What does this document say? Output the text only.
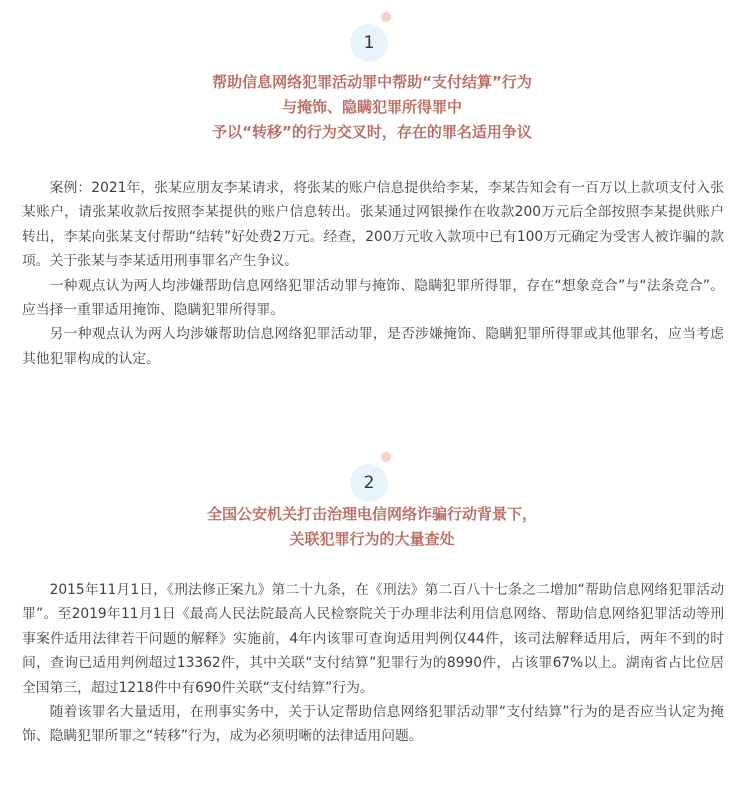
1
帮助信息网络犯罪活动罪中帮助“支付结算”行为
与掩饰、隐瞒犯罪所得罪中
予以“转移”的行为交叉时，存在的罪名适用争议

案例：2021年，张某应朋友李某请求，将张某的账户信息提供给李某，李某告知会有一百万以上款项支付入张某账户，请张某收款后按照李某提供的账户信息转出。张某通过网银操作在收款200万元后全部按照李某提供账户转出，李某向张某支付帮助“结转”好处费2万元。经查，200万元收入款项中已有100万元确定为受害人被诈骗的款项。关于张某与李某适用刑事罪名产生争议。

一种观点认为两人均涉嫌帮助信息网络犯罪活动罪与掩饰、隐瞒犯罪所得罪，存在“想象竞合”与“法条竞合”。应当择一重罪适用掩饰、隐瞒犯罪所得罪。

另一种观点认为两人均涉嫌帮助信息网络犯罪活动罪，是否涉嫌掩饰、隐瞒犯罪所得罪或其他罪名，应当考虑其他犯罪构成的认定。

2
全国公安机关打击治理电信网络诈骗行动背景下，
关联犯罪行为的大量查处

2015年11月1日，《刑法修正案九》第二十九条，在《刑法》第二百八十七条之二增加“帮助信息网络犯罪活动罪”。至2019年11月1日《最高人民法院最高人民检察院关于办理非法利用信息网络、帮助信息网络犯罪活动等刑事案件适用法律若干问题的解释》实施前，4年内该罪可查询适用判例仅44件，该司法解释适用后，两年不到的时间，查询已适用判例超过13362件，其中关联“支付结算”犯罪行为的8990件，占该罪67%以上。湖南省占比位居全国第三，超过1218件中有690件关联“支付结算”行为。

随着该罪名大量适用，在刑事实务中，关于认定帮助信息网络犯罪活动罪“支付结算”行为的是否应当认定为掩饰、隐瞒犯罪所罪之“转移”行为，成为必须明晰的法律适用问题。
